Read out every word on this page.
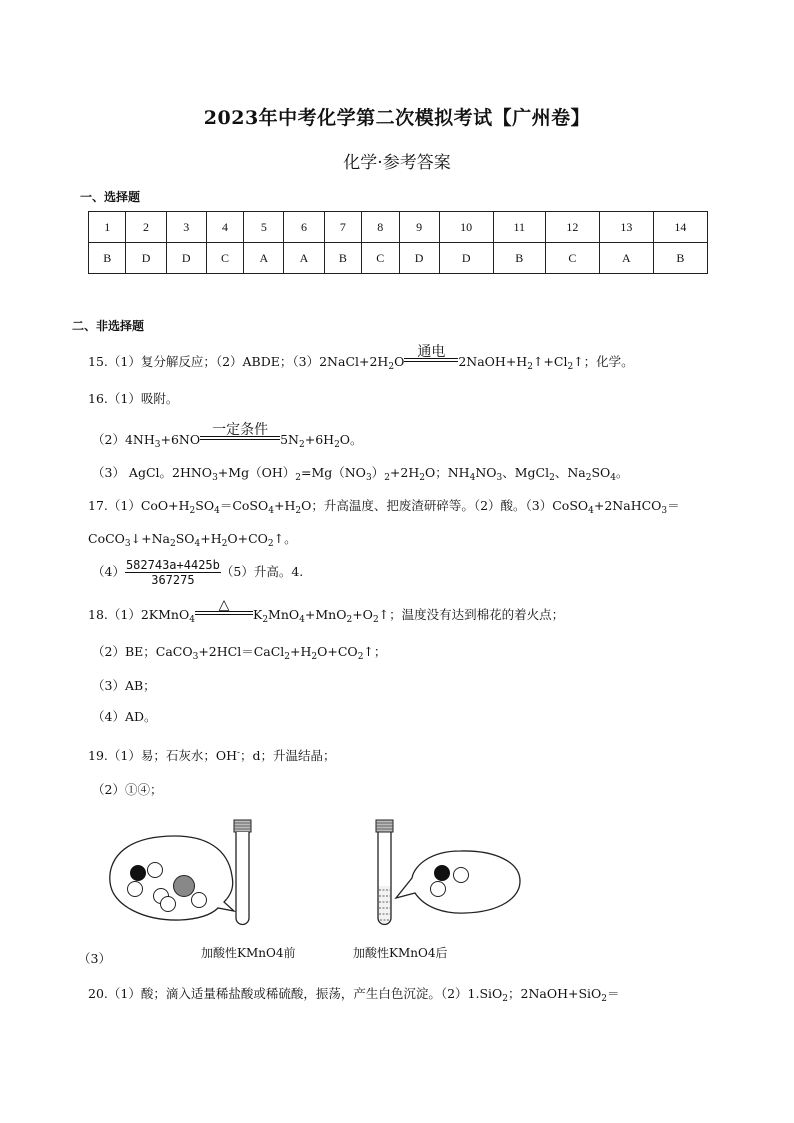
2023年中考化学第二次模拟考试【广州卷】
化学·参考答案
一、选择题
1	2	3	4	5	6	7	8	9	10	11	12	13	14
B	D	D	C	A	A	B	C	D	D	B	C	A	B
二、非选择题
15.（1）复分解反应；（2）ABDE；$(3)2NaCl+2H_2O$
通电
$2NaOH+H_2↑+Cl_2↑$；化学。
16.（1）吸附。
$(2)4NH_3+6NO$
一定条件
$5N_2+6H_2O$。
（3） AgCl。$2HNO_3+Mg(OH)_2=Mg(NO_3)_2+2H_2O$；$NH_4NO_3$、MgCl$_2$、$Na_2SO_4$。
$17.(1)CoO+H_2SO_4=CoSO_4+H_2O$；升高温度、把废渣研碎等。（2）酸。（3）CoSO$_4$+2NaHCO$_3$＝
$CoCO_3↓+Na_2SO_4+H_2O+CO_2↑$。
$(4) \frac{582743a+4425b}{367275} (5)$升高。4.
18.（1）2KMnO$_4$
△
$K_2MnO_4+MnO_2+O_2↑$；温度没有达到棉花的着火点；
（2）BE；$CaCO_3+2HCl=CaCl_2+H_2O+CO_2↑$；
（3）AB；
（4）AD。
19.（1）易；石灰水；OH-；d；升温结晶；
（2）①④；
（3）	加酸性KMnO4前	加酸性KMnO4后
20.（1）酸；滴入适量稀盐酸或稀硫酸，振荡，产生白色沉淀。（2）1.SiO$_2$；2NaOH+SiO$_2$＝
